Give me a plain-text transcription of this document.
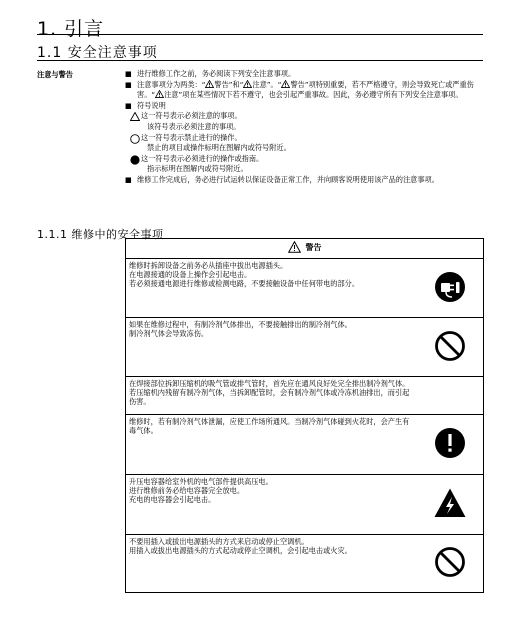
1. 引言
1.1 安全注意事项
注意与警告	■ 进行维修工作之前，务必阅读下列安全注意事项。

■ 注意事项分为两类：“ 警告”和“ 注意”。“ 警告”项特别重要，若不严格遵守，则会导致死亡或严重伤害。“ 注意”项在某些情况下若不遵守，也会引起严重事故。因此，务必遵守所有下列安全注意事项。

■ 符号说明

这一符号表示必须注意的事项。
该符号表示必须注意的事项。
这一符号表示禁止进行的操作。
禁止的项目或操作标明在图解内或符号附近。
这一符号表示必须进行的操作或指南。
指示标明在图解内或符号附近。

■ 维修工作完成后，务必进行试运转以保证设备正常工作，并向顾客说明使用该产品的注意事项。

1.1.1 维修中的安全事项
警告	

维修时拆卸设备之前务必从插座中拔出电源插头。
在电源接通的设备上操作会引起电击。
若必须接通电源进行维修或检测电路，不要接触设备中任何带电的部分。

如果在维修过程中，有制冷剂气体排出，不要接触排出的制冷剂气体。
制冷剂气体会导致冻伤。

在焊接部位拆卸压缩机的吸气管或排气管时，首先应在通风良好处完全排出制冷剂气体。
若压缩机内残留有制冷剂气体，当拆卸配管时，会有制冷剂气体或冷冻机油排出，而引起伤害。	

维修时，若有制冷剂气体泄漏，应使工作场所通风。当制冷剂气体碰到火花时，会产生有毒气体。

升压电容器给室外机的电气部件提供高压电。
进行维修前务必给电容器完全放电。
充电的电容器会引起电击。

不要用插入或拔出电源插头的方式来启动或停止空调机。
用插入或拔出电源插头的方式起动或停止空调机，会引起电击或火灾。
